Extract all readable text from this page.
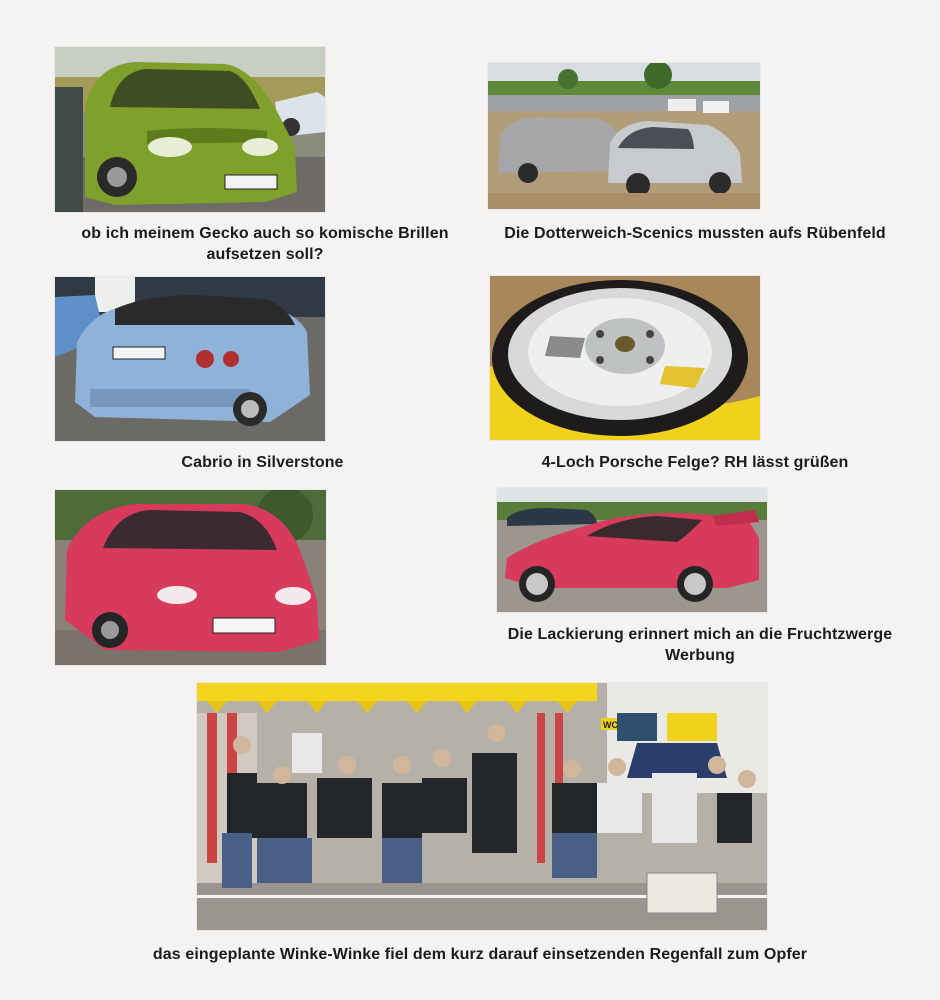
ob ich meinem Gecko auch so komische Brillen aufsetzen soll?
Die Dotterweich-Scenics mussten aufs Rübenfeld
Cabrio in Silverstone	4-Loch Porsche Felge? RH lässt grüßen
Die Lackierung erinnert mich an die Fruchtzwerge Werbung
WC
das eingeplante Winke-Winke fiel dem kurz darauf einsetzenden Regenfall zum Opfer
